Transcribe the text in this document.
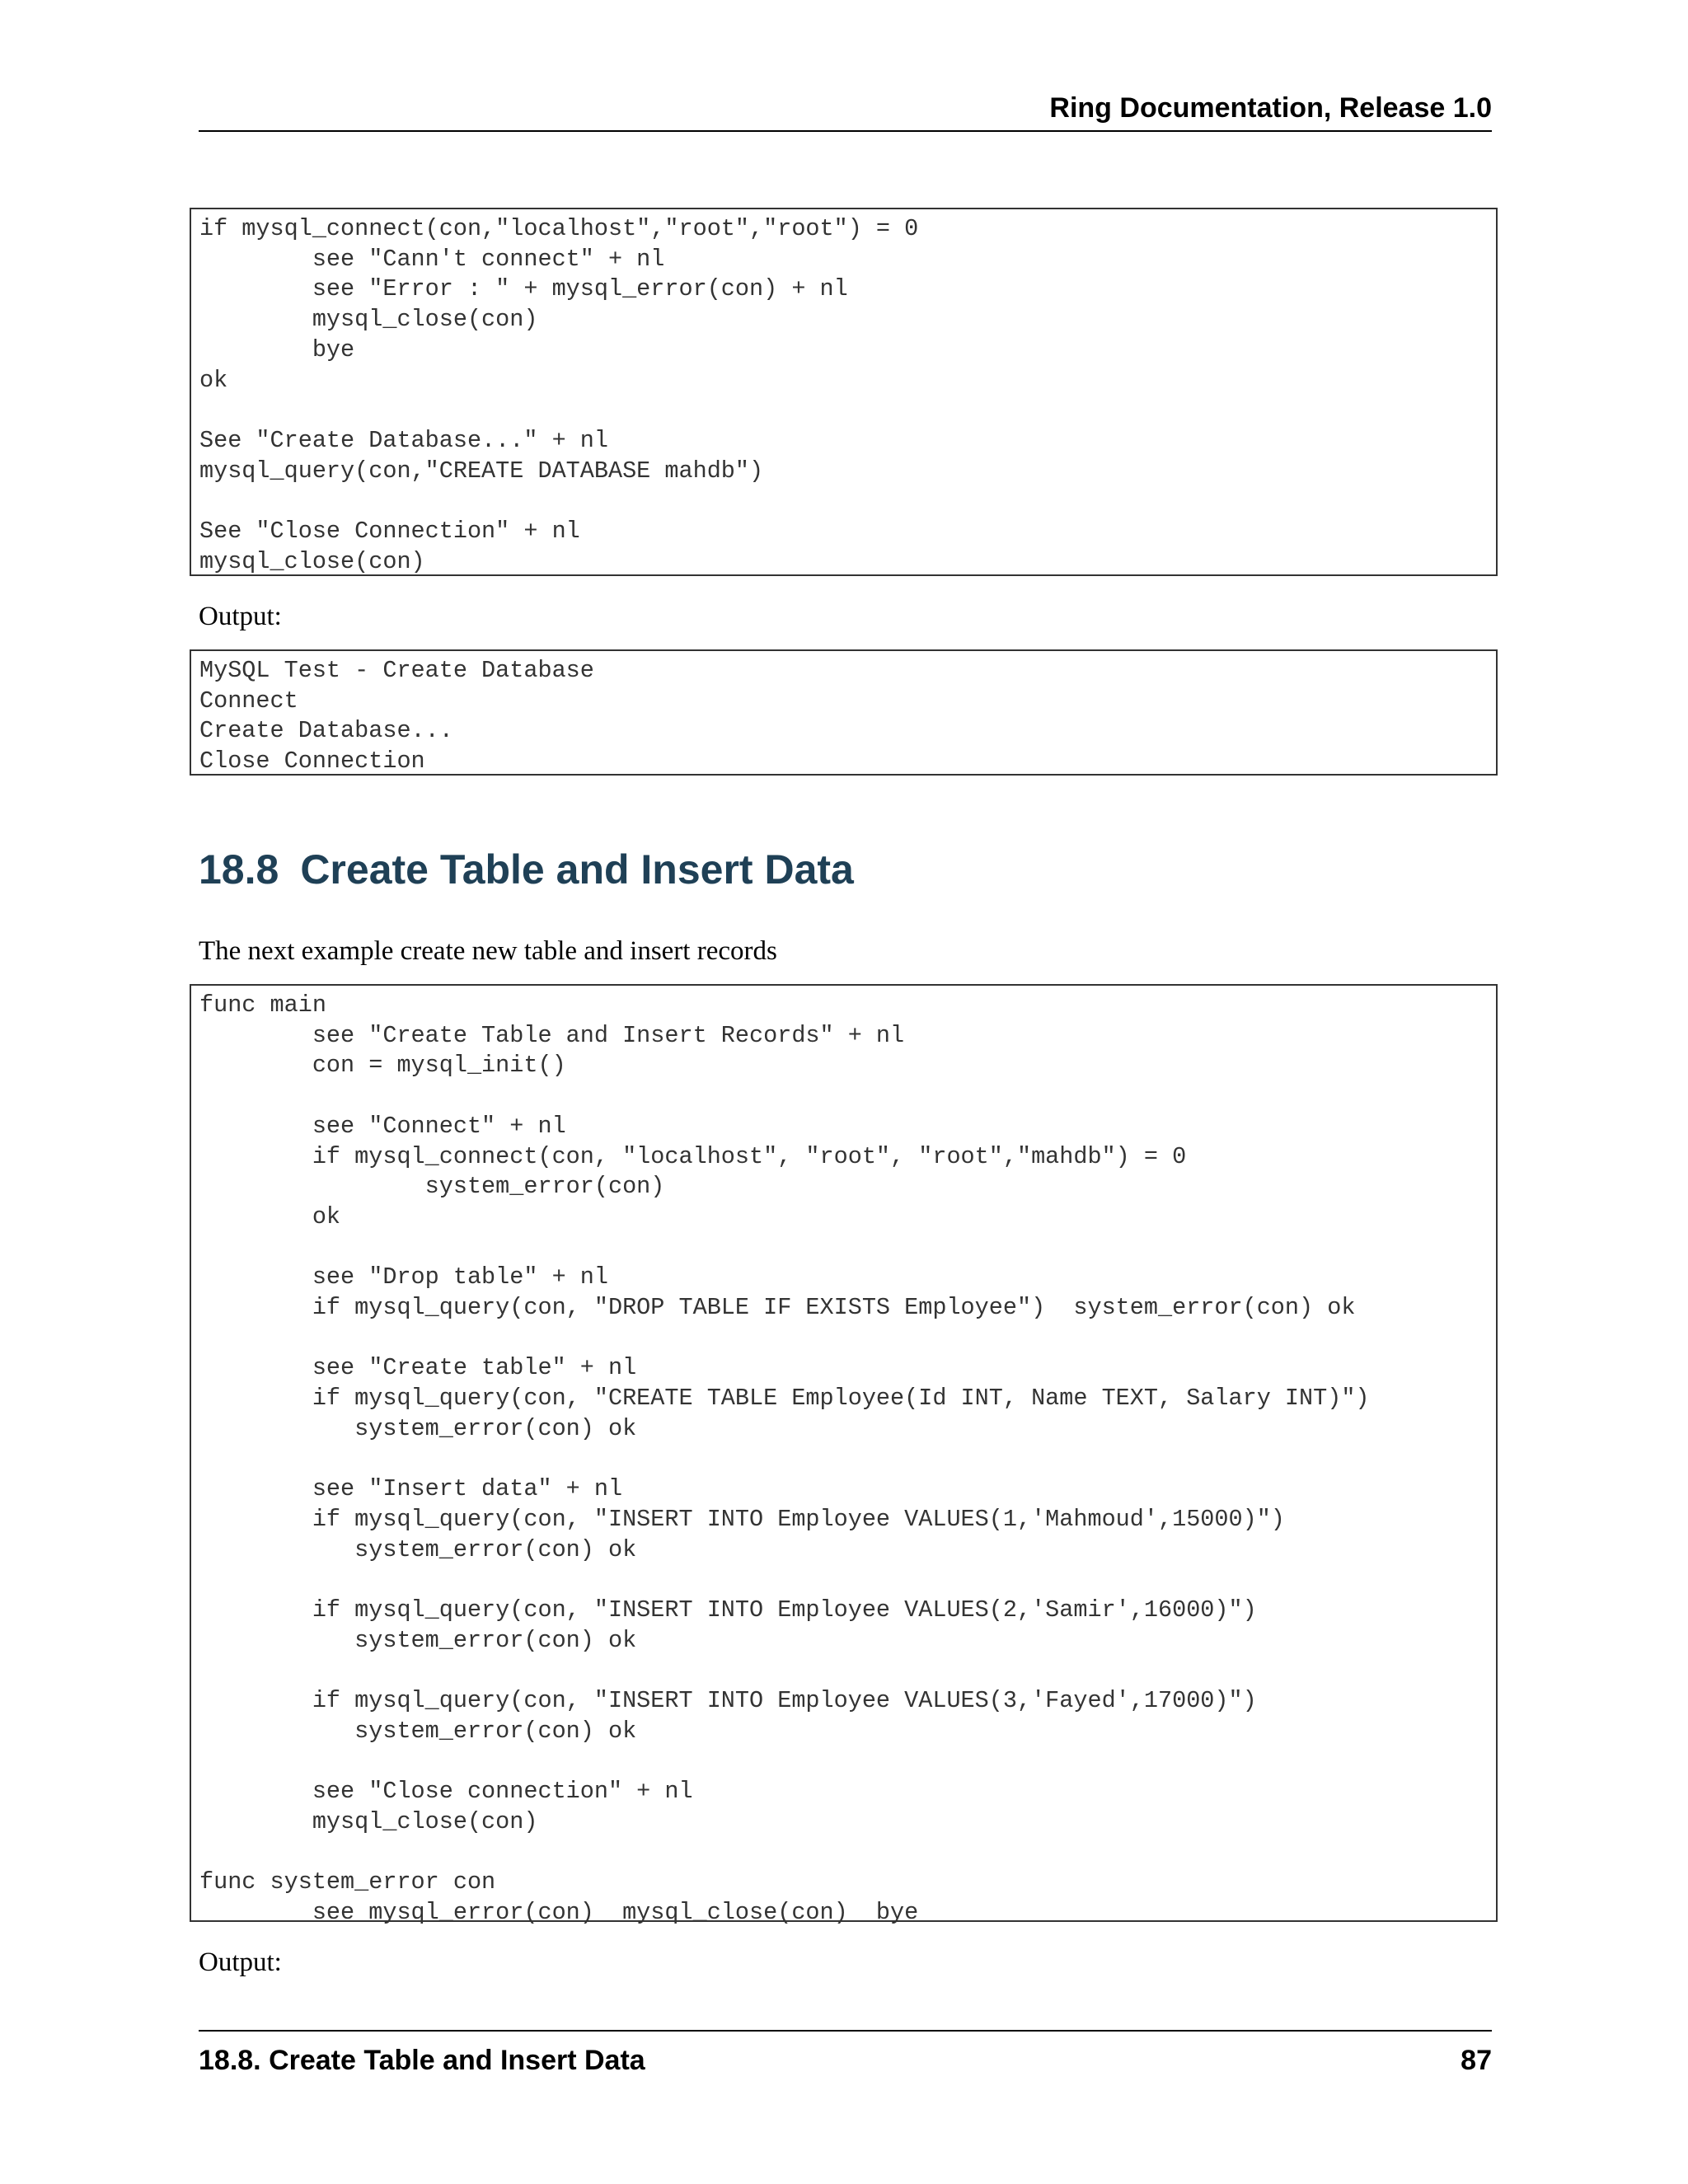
Ring Documentation, Release 1.0
if mysql_connect(con,"localhost","root","root") = 0
see "Cann't connect" + nl
see "Error : " + mysql_error(con) + nl
mysql_close(con)
bye
ok

See "Create Database..." + nl
mysql_query(con,"CREATE DATABASE mahdb")

See "Close Connection" + nl
mysql_close(con)
Output:
MySQL Test - Create Database
Connect
Create Database...
Close Connection
18.8 Create Table and Insert Data
The next example create new table and insert records
func main
see "Create Table and Insert Records" + nl
con = mysql_init()

see "Connect" + nl
if mysql_connect(con, "localhost", "root", "root","mahdb") = 0
system_error(con)
ok

see "Drop table" + nl
if mysql_query(con, "DROP TABLE IF EXISTS Employee")  system_error(con) ok

see "Create table" + nl
if mysql_query(con, "CREATE TABLE Employee(Id INT, Name TEXT, Salary INT)")
system_error(con) ok

see "Insert data" + nl
if mysql_query(con, "INSERT INTO Employee VALUES(1,'Mahmoud',15000)")
system_error(con) ok

if mysql_query(con, "INSERT INTO Employee VALUES(2,'Samir',16000)")
system_error(con) ok

if mysql_query(con, "INSERT INTO Employee VALUES(3,'Fayed',17000)")
system_error(con) ok

see "Close connection" + nl
mysql_close(con)

func system_error con
see mysql_error(con)  mysql_close(con)  bye
Output:
18.8. Create Table and Insert Data	87
